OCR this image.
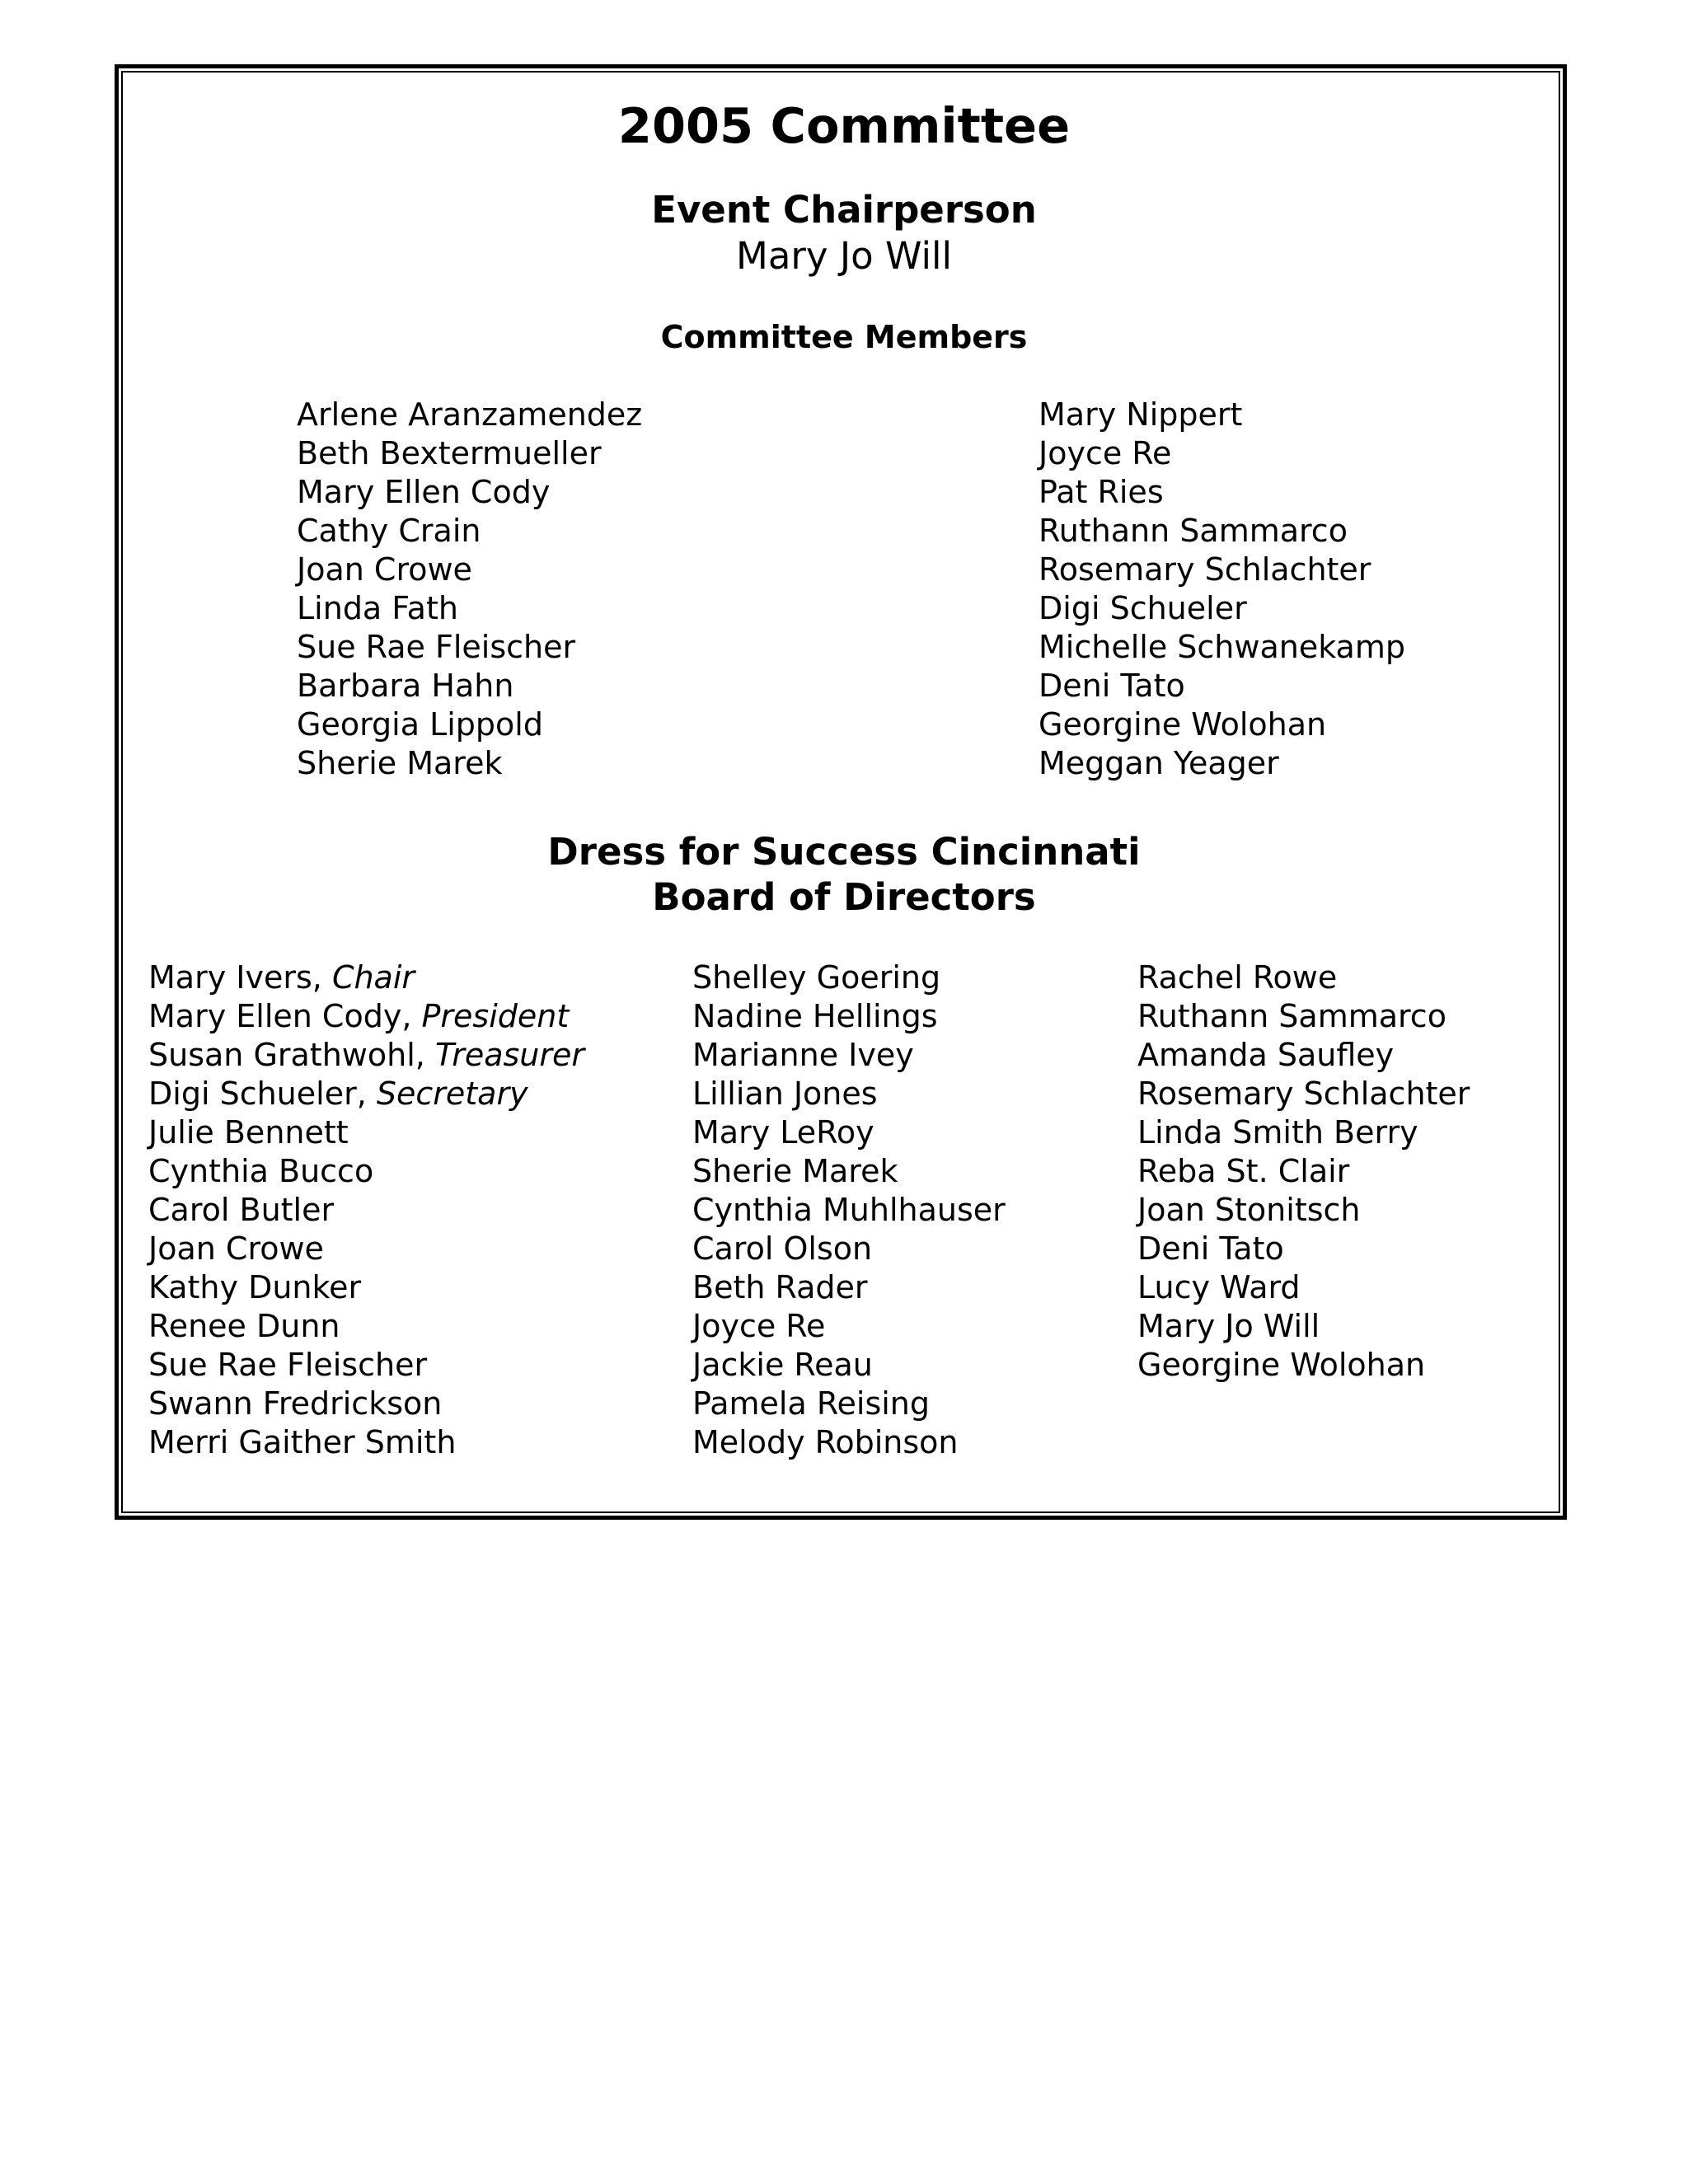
2005 Committee
Event Chairperson
Mary Jo Will
Committee Members
Arlene Aranzamendez
Beth Bextermueller
Mary Ellen Cody
Cathy Crain
Joan Crowe
Linda Fath
Sue Rae Fleischer
Barbara Hahn
Georgia Lippold
Sherie Marek
Mary Nippert
Joyce Re
Pat Ries
Ruthann Sammarco
Rosemary Schlachter
Digi Schueler
Michelle Schwanekamp
Deni Tato
Georgine Wolohan
Meggan Yeager
Dress for Success Cincinnati
Board of Directors
Mary Ivers, Chair
Mary Ellen Cody, President
Susan Grathwohl, Treasurer
Digi Schueler, Secretary
Julie Bennett
Cynthia Bucco
Carol Butler
Joan Crowe
Kathy Dunker
Renee Dunn
Sue Rae Fleischer
Swann Fredrickson
Merri Gaither Smith
Shelley Goering
Nadine Hellings
Marianne Ivey
Lillian Jones
Mary LeRoy
Sherie Marek
Cynthia Muhlhauser
Carol Olson
Beth Rader
Joyce Re
Jackie Reau
Pamela Reising
Melody Robinson
Rachel Rowe
Ruthann Sammarco
Amanda Saufley
Rosemary Schlachter
Linda Smith Berry
Reba St. Clair
Joan Stonitsch
Deni Tato
Lucy Ward
Mary Jo Will
Georgine Wolohan
